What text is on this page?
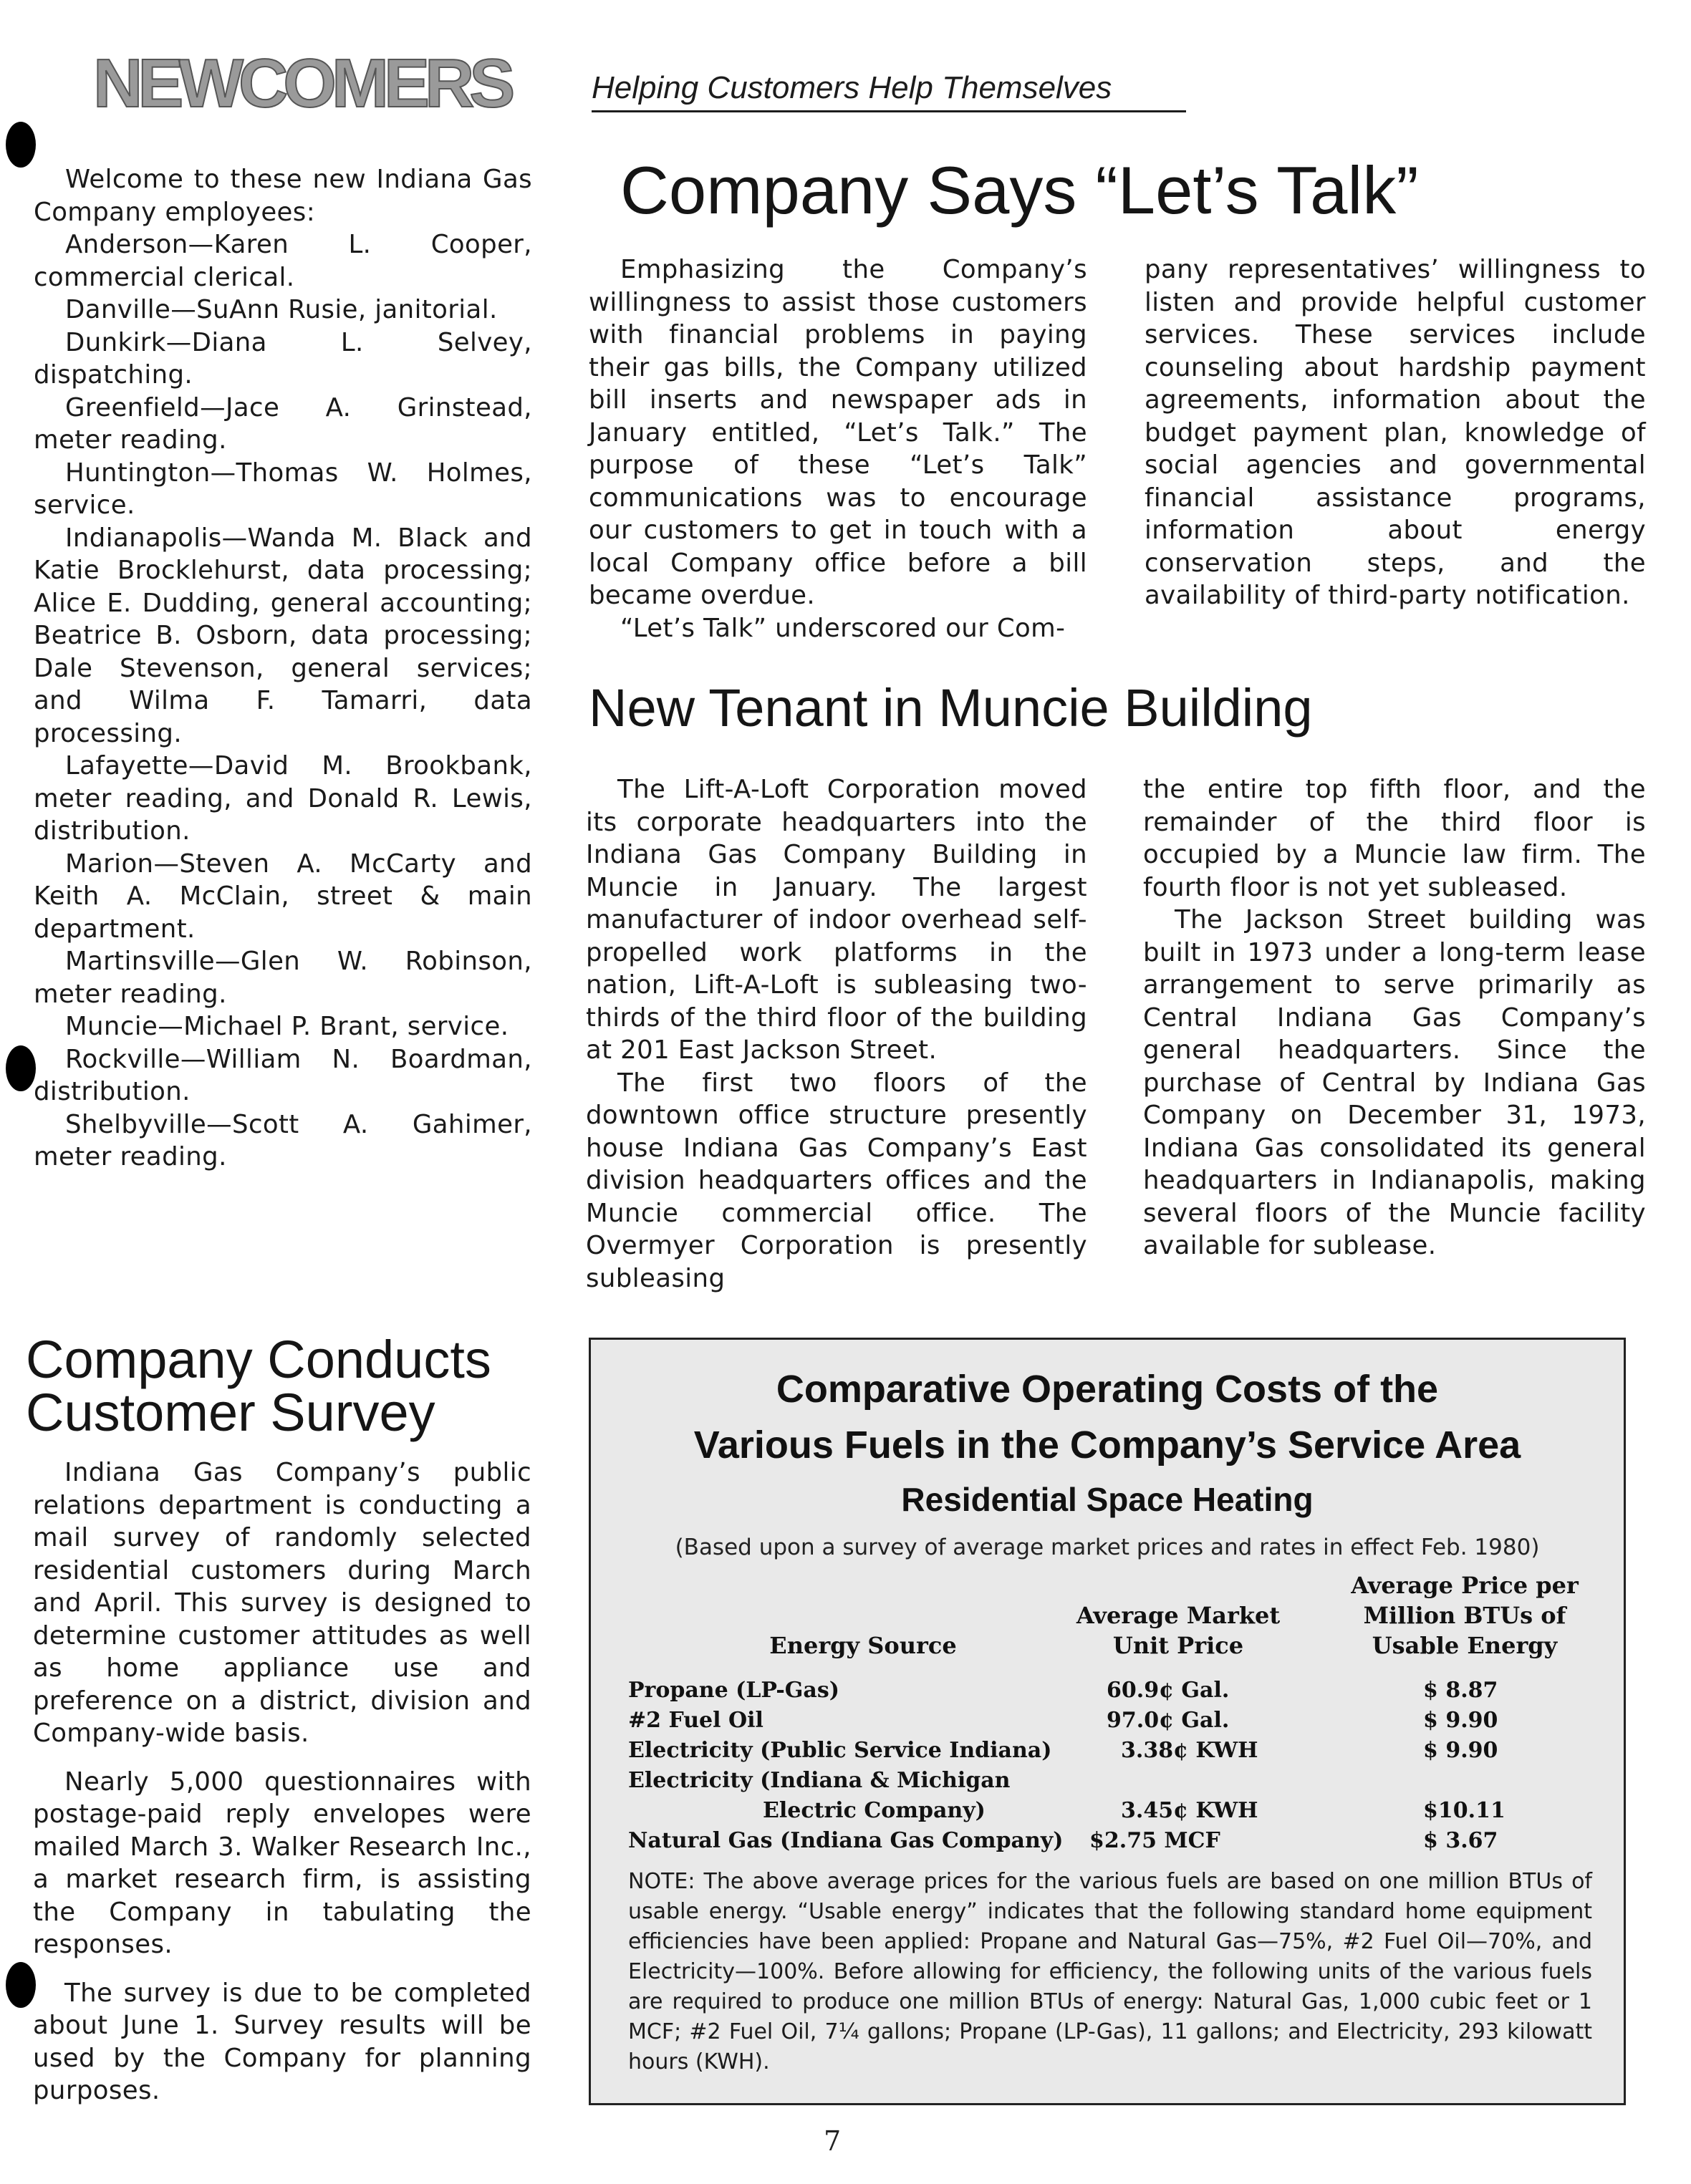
NEWCOMERS	Helping Customers Help Themselves
Company Says “Let’s Talk”

Welcome to these new Indiana Gas Company employees:

Anderson—Karen L. Cooper, commercial clerical.

Danville—SuAnn Rusie, janitorial.

Dunkirk—Diana L. Selvey, dispatching.

Greenfield—Jace A. Grinstead, meter reading.

Huntington—Thomas W. Holmes, service.

Indianapolis—Wanda M. Black and Katie Brocklehurst, data processing; Alice E. Dudding, general accounting; Beatrice B. Osborn, data processing; Dale Stevenson, general services; and Wilma F. Tamarri, data processing.

Lafayette—David M. Brookbank, meter reading, and Donald R. Lewis, distribution.

Marion—Steven A. McCarty and Keith A. McClain, street & main department.

Martinsville—Glen W. Robinson, meter reading.

Muncie—Michael P. Brant, service.

Rockville—William N. Boardman, distribution.

Shelbyville—Scott A. Gahimer, meter reading.

Emphasizing the Company’s willingness to assist those customers with financial problems in paying their gas bills, the Company utilized bill inserts and newspaper ads in January entitled, “Let’s Talk.” The purpose of these “Let’s Talk” communications was to encourage our customers to get in touch with a local Company office before a bill became overdue.

“Let’s Talk” underscored our Com-

pany representatives’ willingness to listen and provide helpful customer services. These services include counseling about hardship payment agreements, information about the budget payment plan, knowledge of social agencies and governmental financial assistance programs, information about energy conservation steps, and the availability of third-party notification.

New Tenant in Muncie Building

The Lift-A-Loft Corporation moved its corporate headquarters into the Indiana Gas Company Building in Muncie in January. The largest manufacturer of indoor overhead self-propelled work platforms in the nation, Lift-A-Loft is subleasing two-thirds of the third floor of the building at 201 East Jackson Street.

The first two floors of the downtown office structure presently house Indiana Gas Company’s East division headquarters offices and the Muncie commercial office. The Overmyer Corporation is presently subleasing

the entire top fifth floor, and the remainder of the third floor is occupied by a Muncie law firm. The fourth floor is not yet subleased.

The Jackson Street building was built in 1973 under a long-term lease arrangement to serve primarily as Central Indiana Gas Company’s general headquarters. Since the purchase of Central by Indiana Gas Company on December 31, 1973, Indiana Gas consolidated its general headquarters in Indianapolis, making several floors of the Muncie facility available for sublease.

Company Conducts
Customer Survey

Indiana Gas Company’s public relations department is conducting a mail survey of randomly selected residential customers during March and April. This survey is designed to determine customer attitudes as well as home appliance use and preference on a district, division and Company-wide basis.

Nearly 5,000 questionnaires with postage-paid reply envelopes were mailed March 3. Walker Research Inc., a market research firm, is assisting the Company in tabulating the responses.

The survey is due to be completed about June 1. Survey results will be used by the Company for planning purposes.

Comparative Operating Costs of the
Various Fuels in the Company’s Service Area
Residential Space Heating
(Based upon a survey of average market prices and rates in effect Feb. 1980)
Energy Source
Average Market
Unit Price
Average Price per
Million BTUs of
Usable Energy
Propane (LP-Gas)	60.9¢ Gal.	$ 8.87
#2 Fuel Oil	97.0¢ Gal.	$ 9.90
Electricity (Public Service Indiana)	3.38¢ KWH	$ 9.90
Electricity (Indiana & Michigan
Electric Company)	3.45¢ KWH	$10.11
Natural Gas (Indiana Gas Company) $2.75 MCF	$ 3.67
NOTE: The above average prices for the various fuels are based on one million BTUs of usable energy. “Usable energy” indicates that the following standard home equipment efficiencies have been applied: Propane and Natural Gas—75%, #2 Fuel Oil—70%, and Electricity—100%. Before allowing for efficiency, the following units of the various fuels are required to produce one million BTUs of energy: Natural Gas, 1,000 cubic feet or 1 MCF; #2 Fuel Oil, 7¼ gallons; Propane (LP-Gas), 11 gallons; and Electricity, 293 kilowatt hours (KWH).
7
